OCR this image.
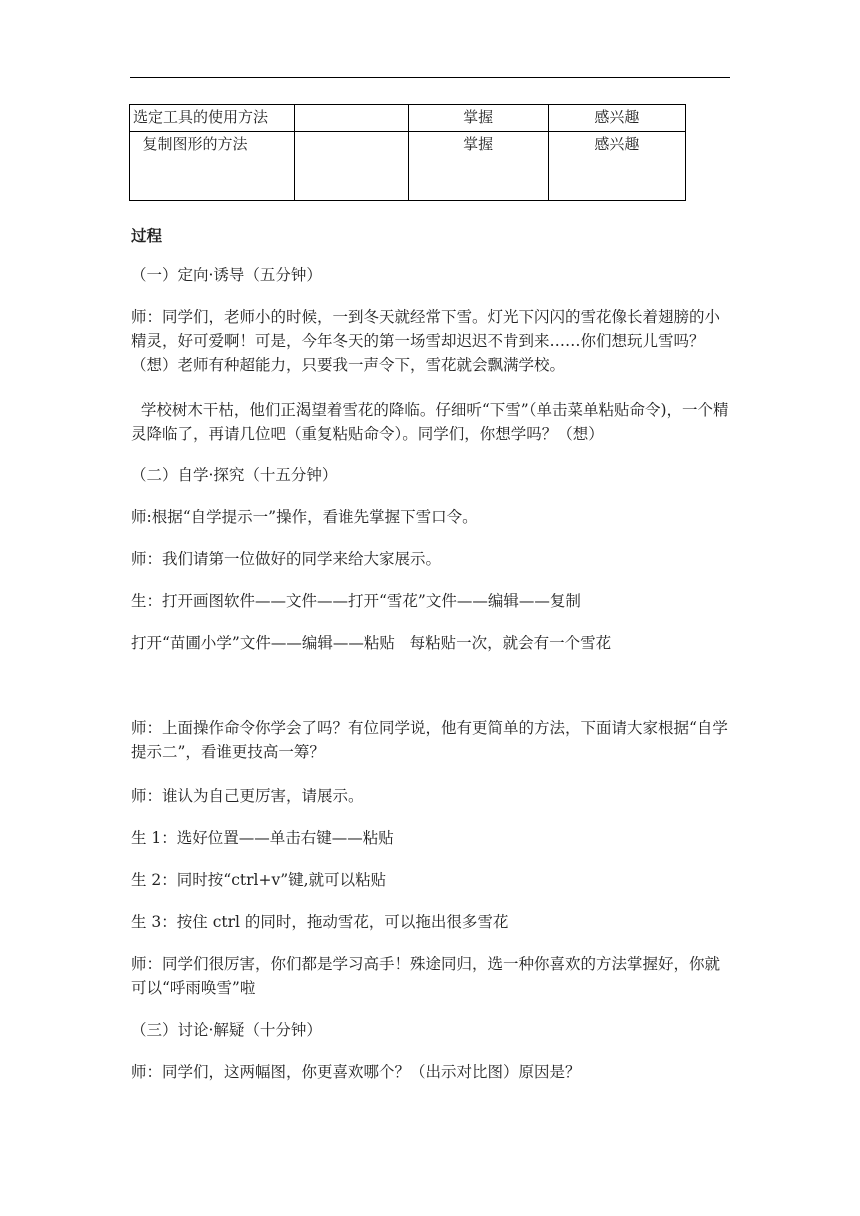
选定工具的使用方法		掌握	感兴趣
复制图形的方法		掌握	感兴趣
过程

（一）定向·诱导（五分钟）

师：同学们，老师小的时候，一到冬天就经常下雪。灯光下闪闪的雪花像长着翅膀的小精灵，好可爱啊！可是，今年冬天的第一场雪却迟迟不肯到来……你们想玩儿雪吗？（想）老师有种超能力，只要我一声令下，雪花就会飘满学校。

学校树木干枯，他们正渴望着雪花的降临。仔细听“下雪”（单击菜单粘贴命令)，一个精灵降临了，再请几位吧（重复粘贴命令）。同学们，你想学吗？（想）

（二）自学·探究（十五分钟）

师:根据“自学提示一”操作，看谁先掌握下雪口令。

师：我们请第一位做好的同学来给大家展示。

生：打开画图软件——文件——打开“雪花”文件——编辑——复制

打开“苗圃小学”文件——编辑——粘贴   每粘贴一次，就会有一个雪花

师：上面操作命令你学会了吗？有位同学说，他有更简单的方法，下面请大家根据“自学提示二”，看谁更技高一筹？

师：谁认为自己更厉害，请展示。

生 1：选好位置——单击右键——粘贴

生 2：同时按“ctrl+v”键,就可以粘贴

生 3：按住 ctrl 的同时，拖动雪花，可以拖出很多雪花

师：同学们很厉害，你们都是学习高手！殊途同归，选一种你喜欢的方法掌握好，你就可以“呼雨唤雪”啦

（三）讨论·解疑（十分钟）

师：同学们，这两幅图，你更喜欢哪个？（出示对比图）原因是？
